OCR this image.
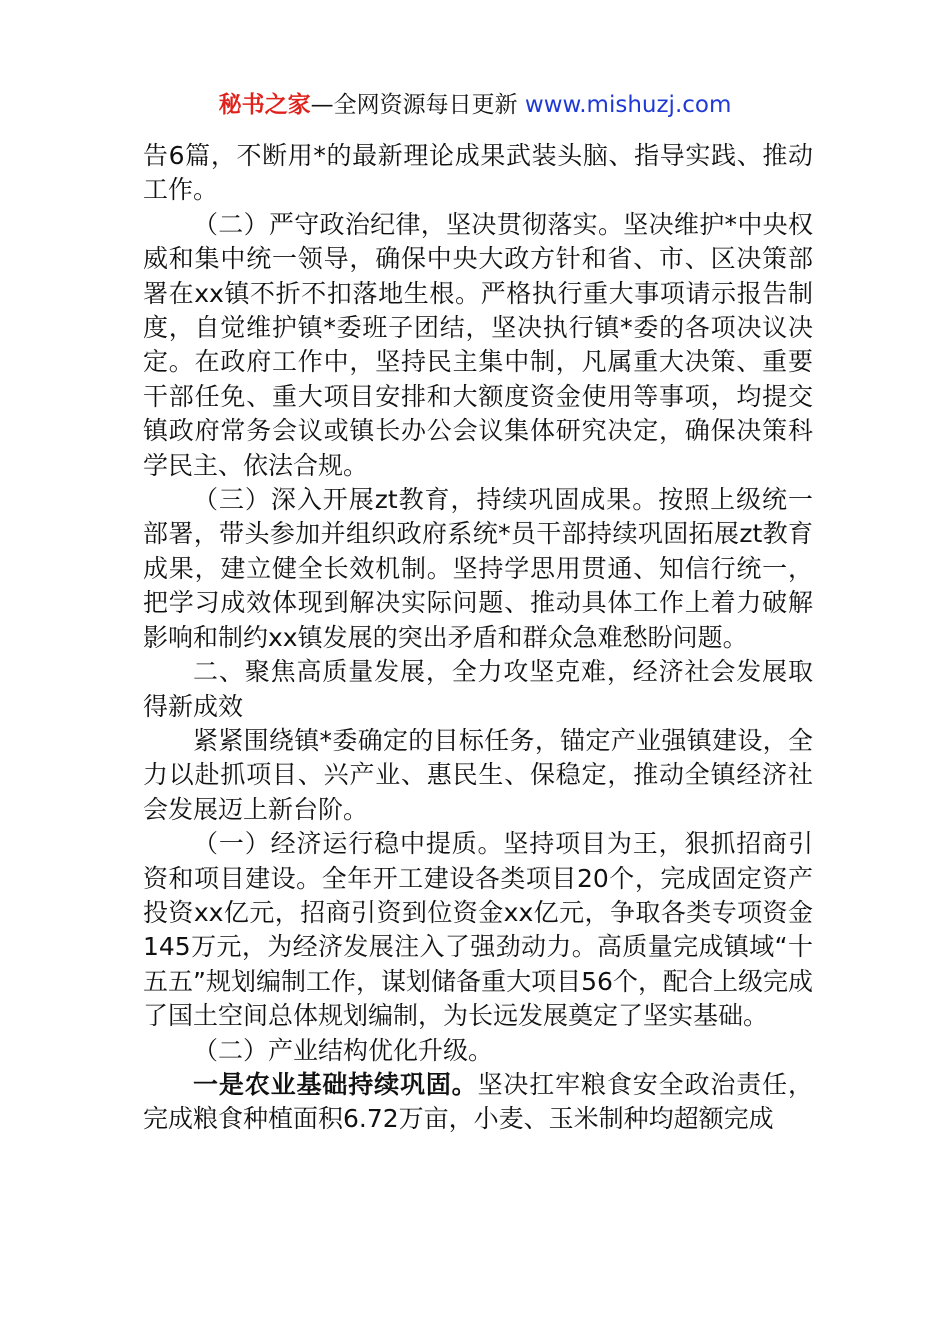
秘书之家—全网资源每日更新 www.mishuzj.com

告6篇，不断用*的最新理论成果武装头脑、指导实践、推动工作。

（二）严守政治纪律，坚决贯彻落实。坚决维护*中央权威和集中统一领导，确保中央大政方针和省、市、区决策部署在xx镇不折不扣落地生根。严格执行重大事项请示报告制度，自觉维护镇*委班子团结，坚决执行镇*委的各项决议决定。在政府工作中，坚持民主集中制，凡属重大决策、重要干部任免、重大项目安排和大额度资金使用等事项，均提交镇政府常务会议或镇长办公会议集体研究决定，确保决策科学民主、依法合规。

（三）深入开展zt教育，持续巩固成果。按照上级统一部署，带头参加并组织政府系统*员干部持续巩固拓展zt教育成果，建立健全长效机制。坚持学思用贯通、知信行统一，把学习成效体现到解决实际问题、推动具体工作上着力破解影响和制约xx镇发展的突出矛盾和群众急难愁盼问题。

二、聚焦高质量发展，全力攻坚克难，经济社会发展取得新成效

紧紧围绕镇*委确定的目标任务，锚定产业强镇建设，全力以赴抓项目、兴产业、惠民生、保稳定，推动全镇经济社会发展迈上新台阶。

（一）经济运行稳中提质。坚持项目为王，狠抓招商引资和项目建设。全年开工建设各类项目20个，完成固定资产投资xx亿元，招商引资到位资金xx亿元，争取各类专项资金145万元，为经济发展注入了强劲动力。高质量完成镇域“十五五”规划编制工作，谋划储备重大项目56个，配合上级完成了国土空间总体规划编制，为长远发展奠定了坚实基础。

（二）产业结构优化升级。

一是农业基础持续巩固。坚决扛牢粮食安全政治责任，完成粮食种植面积6.72万亩，小麦、玉米制种均超额完成
